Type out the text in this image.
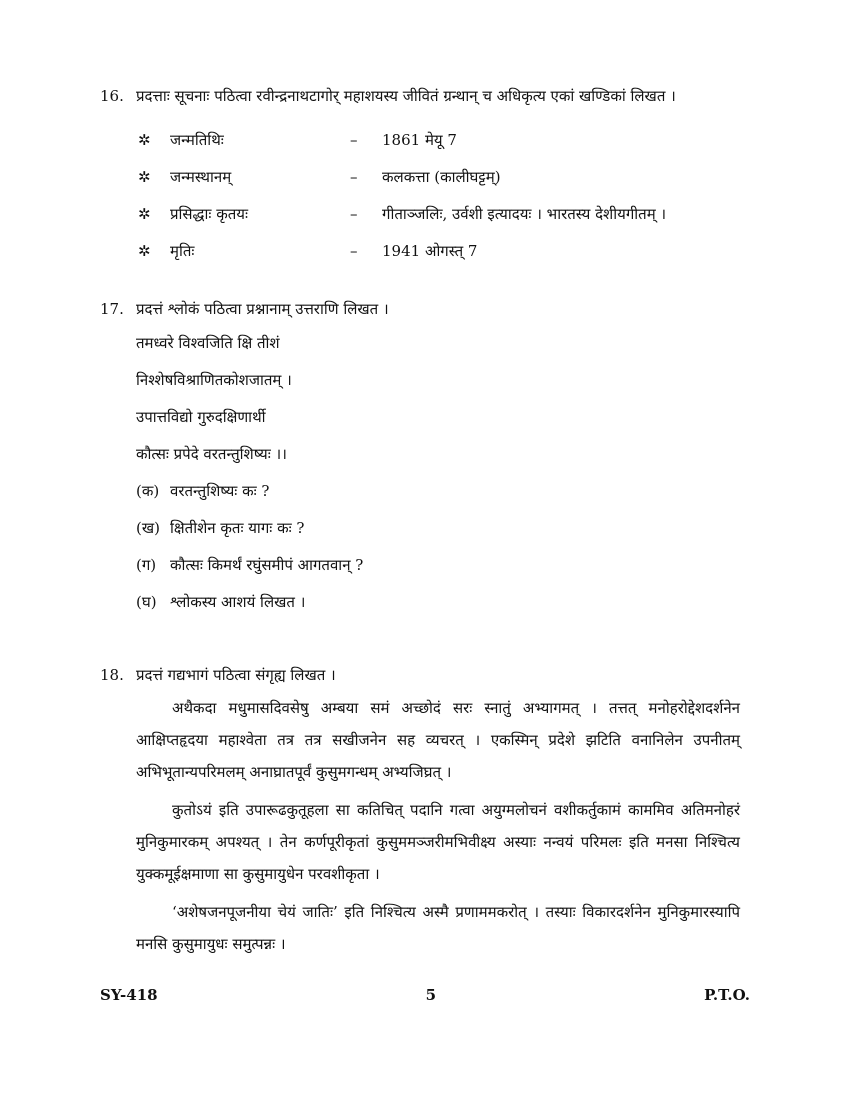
16. प्रदत्ताः सूचनाः पठित्वा रवीन्द्रनाथटागोर् महाशयस्य जीवितं ग्रन्थान् च अधिकृत्य एकां खण्डिकां लिखत ।
✲	जन्मतिथिः	–	1861 मेयू 7
✲	जन्मस्थानम्	–	कलकत्ता (कालीघट्टम्)
✲	प्रसिद्धाः कृतयः	–	गीताञ्जलिः, उर्वशी इत्यादयः । भारतस्य देशीयगीतम् ।
✲	मृतिः	–	1941 ओगस्त् 7
17. प्रदत्तं श्लोकं पठित्वा प्रश्नानाम् उत्तराणि लिखत ।
तमध्वरे विश्वजिति क्षि तीशं
निश्शेषविश्राणितकोशजातम् ।
उपात्तविद्यो गुरुदक्षिणार्थी
कौत्सः प्रपेदे वरतन्तुशिष्यः ।।
(क) वरतन्तुशिष्यः कः ?
(ख) क्षितीशेन कृतः यागः कः ?
(ग) कौत्सः किमर्थं रघुंसमीपं आगतवान् ?
(घ) श्लोकस्य आशयं लिखत ।
18. प्रदत्तं गद्यभागं पठित्वा संगृह्य लिखत ।
अथैकदा मधुमासदिवसेषु अम्बया समं अच्छोदं सरः स्नातुं अभ्यागमत् । तत्तत् मनोहरोद्देशदर्शनेन आक्षिप्तहृदया महाश्वेता तत्र तत्र सखीजनेन सह व्यचरत् । एकस्मिन् प्रदेशे झटिति वनानिलेन उपनीतम् अभिभूतान्यपरिमलम् अनाघ्रातपूर्वं कुसुमगन्धम् अभ्यजिघ्रत् ।
कुतोऽयं इति उपारूढकुतूहला सा कतिचित् पदानि गत्वा अयुग्मलोचनं वशीकर्तुकामं काममिव अतिमनोहरं मुनिकुमारकम् अपश्यत् । तेन कर्णपूरीकृतां कुसुममञ्जरीमभिवीक्ष्य अस्याः नन्वयं परिमलः इति मनसा निश्चित्य युक्कमूईक्षमाणा सा कुसुमायुधेन परवशीकृता ।
‘अशेषजनपूजनीया चेयं जातिः’ इति निश्चित्य अस्मै प्रणाममकरोत् । तस्याः विकारदर्शनेन मुनिकुमारस्यापि मनसि कुसुमायुधः समुत्पन्नः ।
SY-418	5	P.T.O.
